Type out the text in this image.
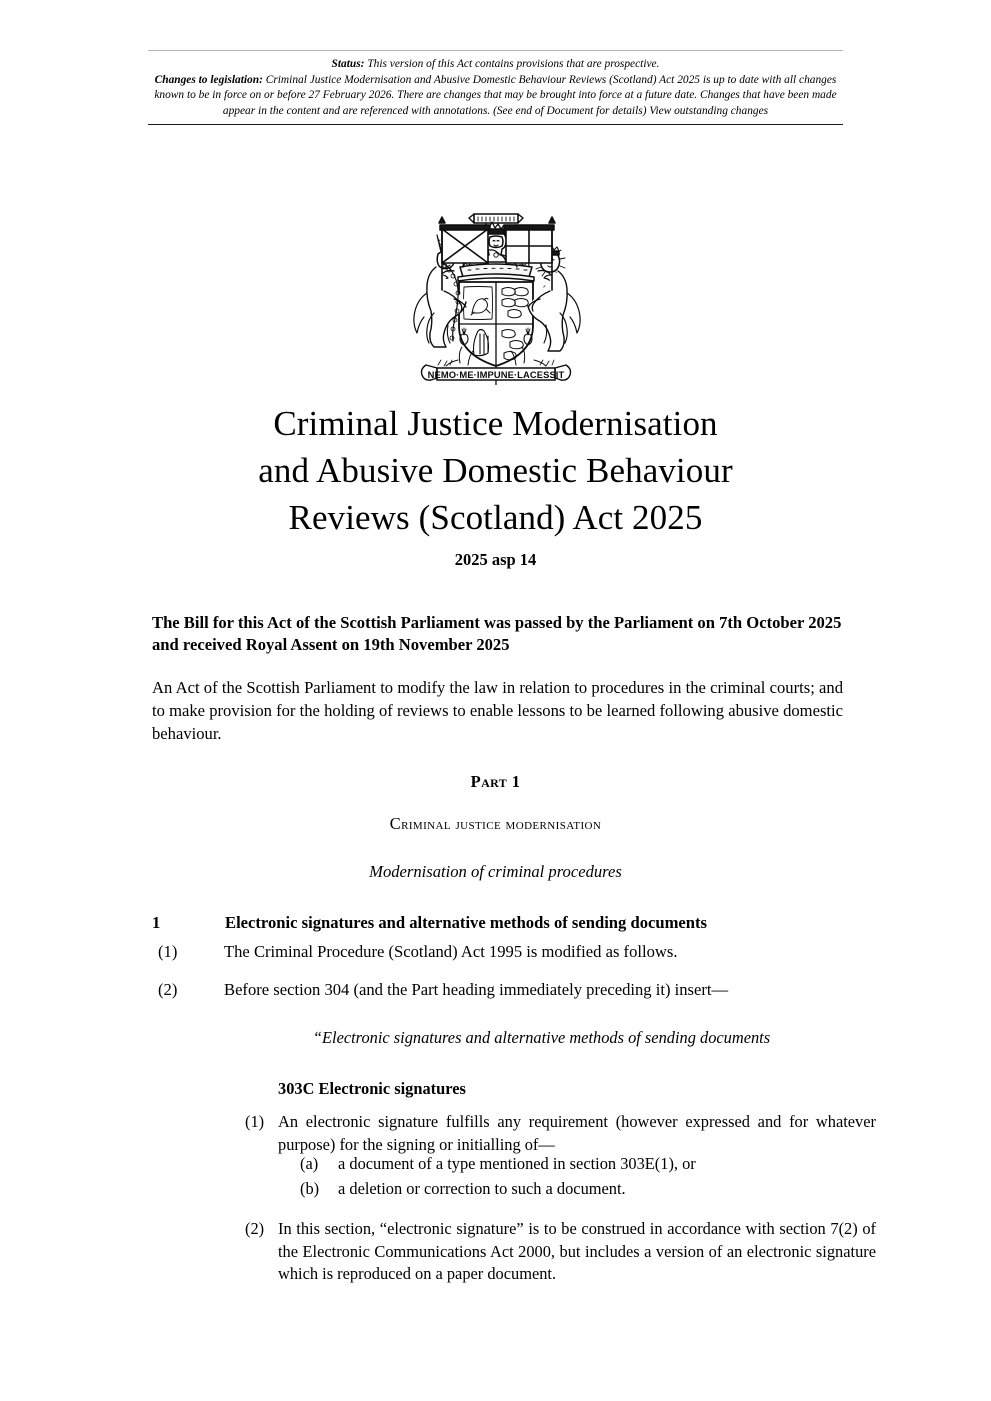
Status: This version of this Act contains provisions that are prospective.

Changes to legislation: Criminal Justice Modernisation and Abusive Domestic Behaviour Reviews (Scotland) Act 2025 is up to date with all changes known to be in force on or before 27 February 2026. There are changes that may be brought into force at a future date. Changes that have been made appear in the content and are referenced with annotations. (See end of Document for details) View outstanding changes

NEMO·ME·IMPUNE·LACESSIT
Criminal Justice Modernisation
and Abusive Domestic Behaviour
Reviews (Scotland) Act 2025
2025 asp 14
The Bill for this Act of the Scottish Parliament was passed by the Parliament on 7th October 2025 and received Royal Assent on 19th November 2025
An Act of the Scottish Parliament to modify the law in relation to procedures in the criminal courts; and to make provision for the holding of reviews to enable lessons to be learned following abusive domestic behaviour.
Part 1
Criminal justice modernisation
Modernisation of criminal procedures
1	Electronic signatures and alternative methods of sending documents
(1)	The Criminal Procedure (Scotland) Act 1995 is modified as follows.
(2)	Before section 304 (and the Part heading immediately preceding it) insert—
“Electronic signatures and alternative methods of sending documents
303C Electronic signatures
(1) An electronic signature fulfills any requirement (however expressed and for whatever purpose) for the signing or initialling of—
(a) a document of a type mentioned in section 303E(1), or
(b) a deletion or correction to such a document.
(2) In this section, “electronic signature” is to be construed in accordance with section 7(2) of the Electronic Communications Act 2000, but includes a version of an electronic signature which is reproduced on a paper document.
